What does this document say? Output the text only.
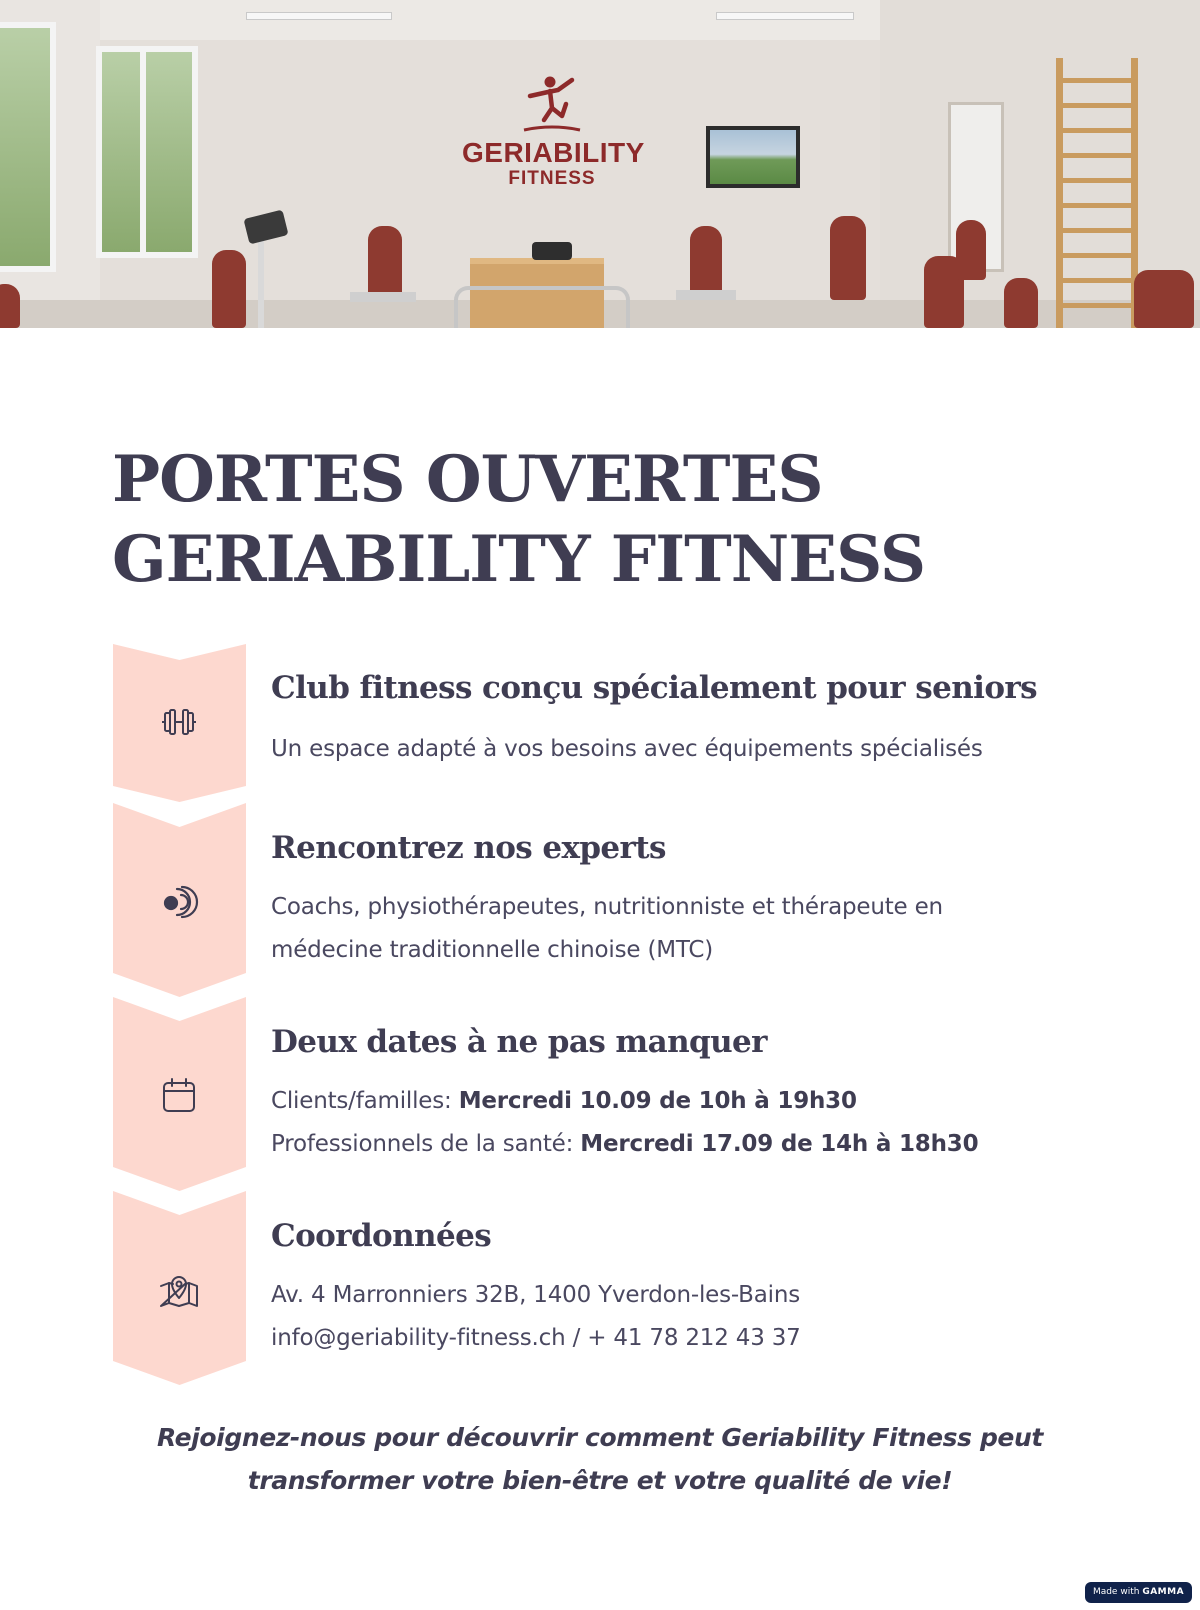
GERIABILITY
FITNESS
PORTES OUVERTES
GERIABILITY FITNESS
Club fitness conçu spécialement pour seniors
Un espace adapté à vos besoins avec équipements spécialisés
Rencontrez nos experts
Coachs, physiothérapeutes, nutritionniste et thérapeute en
médecine traditionnelle chinoise (MTC)
Deux dates à ne pas manquer
Clients/familles: Mercredi 10.09 de 10h à 19h30
Professionnels de la santé: Mercredi 17.09 de 14h à 18h30
Coordonnées
Av. 4 Marronniers 32B, 1400 Yverdon-les-Bains
info@geriability-fitness.ch / + 41 78 212 43 37
Rejoignez-nous pour découvrir comment Geriability Fitness peut
transformer votre bien-être et votre qualité de vie!
Made with GAMMA
